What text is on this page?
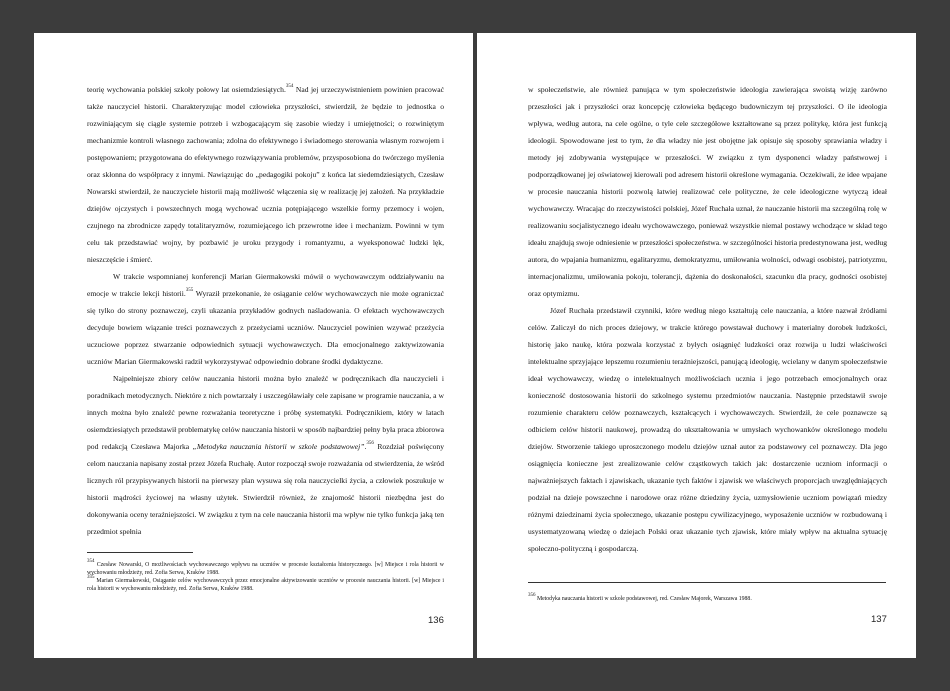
teorię wychowania polskiej szkoły połowy lat osiemdziesiątych.$^{354}$ Nad jej urzeczywistnieniem powinien pracować także nauczyciel historii. Charakteryzując model człowieka przyszłości, stwierdził, że będzie to jednostka o rozwiniającym się ciągle systemie potrzeb i wzbogacającym się zasobie wiedzy i umiejętności; o rozwiniętym mechanizmie kontroli własnego zachowania; zdolna do efektywnego i świadomego sterowania własnym rozwojem i postępowaniem; przygotowana do efektywnego rozwiązywania problemów, przysposobiona do twórczego myślenia oraz skłonna do współpracy z innymi. Nawiązując do „pedagogiki pokoju” z końca lat siedemdziesiątych, Czesław Nowarski stwierdził, że nauczyciele historii mają możliwość włączenia się w realizację jej założeń. Na przykładzie dziejów ojczystych i powszechnych mogą wychować ucznia potępiającego wszelkie formy przemocy i wojen, czujnego na zbrodnicze zapędy totalitaryzmów, rozumiejącego ich przewrotne idee i mechanizm. Powinni w tym celu tak przedstawiać wojny, by pozbawić je uroku przygody i romantyzmu, a wyeksponować ludzki lęk, nieszczęście i śmierć.

W trakcie wspomnianej konferencji Marian Giermakowski mówił o wychowawczym oddziaływaniu na emocje w trakcie lekcji historii.$^{355}$ Wyraził przekonanie, że osiąganie celów wychowawczych nie może ograniczać się tylko do strony poznawczej, czyli ukazania przykładów godnych naśladowania. O efektach wychowawczych decyduje bowiem wiązanie treści poznawczych z przeżyciami uczniów. Nauczyciel powinien wzywać przeżycia uczuciowe poprzez stwarzanie odpowiednich sytuacji wychowawczych. Dla emocjonalnego zaktywizowania uczniów Marian Giermakowski radził wykorzystywać odpowiednio dobrane środki dydaktyczne.

Najpełniejsze zbiory celów nauczania historii można było znaleźć w podręcznikach dla nauczycieli i poradnikach metodycznych. Niektóre z nich powtarzały i uszczegóławiały cele zapisane w programie nauczania, a w innych można było znaleźć pewne rozważania teoretyczne i próbę systematyki. Podręcznikiem, który w latach osiemdziesiątych przedstawił problematykę celów nauczania historii w sposób najbardziej pełny była praca zbiorowa pod redakcją Czesława Majorka „Metodyka nauczania historii w szkole podstawowej”.$^{356}$ Rozdział poświęcony celom nauczania napisany został przez Józefa Ruchałę. Autor rozpoczął swoje rozważania od stwierdzenia, że wśród licznych ról przypisywanych historii na pierwszy plan wysuwa się rola nauczycielki życia, a człowiek poszukuje w historii mądrości życiowej na własny użytek. Stwierdził również, że znajomość historii niezbędna jest do dokonywania oceny teraźniejszości. W związku z tym na cele nauczania historii ma wpływ nie tylko funkcja jaką ten przedmiot spełnia

$^{354}$ Czesław Nowarski, O możliwościach wychowawczego wpływu na uczniów w procesie kształcenia historycznego. [w] Miejsce i rola historii w wychowaniu młodzieży, red. Zofia Serwa, Kraków 1988.

$^{355}$ Marian Giermakowski, Osiąganie celów wychowawczych przez emocjonalne aktywizowanie uczniów w procesie nauczania historii. [w] Miejsce i rola historii w wychowaniu młodzieży, red. Zofia Serwa, Kraków 1988.

136

w społeczeństwie, ale również panująca w tym społeczeństwie ideologia zawierająca swoistą wizję zarówno przeszłości jak i przyszłości oraz koncepcję człowieka będącego budowniczym tej przyszłości. O ile ideologia wpływa, według autora, na cele ogólne, o tyle cele szczegółowe kształtowane są przez politykę, która jest funkcją ideologii. Spowodowane jest to tym, że dla władzy nie jest obojętne jak opisuje się sposoby sprawiania władzy i metody jej zdobywania występujące w przeszłości. W związku z tym dysponenci władzy państwowej i podporządkowanej jej oświatowej kierowali pod adresem historii określone wymagania. Oczekiwali, że idee wpajane w procesie nauczania historii pozwolą łatwiej realizować cele polityczne, że cele ideologiczne wytyczą ideał wychowawczy. Wracając do rzeczywistości polskiej, Józef Ruchała uznał, że nauczanie historii ma szczególną rolę w realizowaniu socjalistycznego ideału wychowawczego, ponieważ wszystkie niemal postawy wchodzące w skład tego ideału znajdują swoje odniesienie w przeszłości społeczeństwa. w szczególności historia predestynowana jest, według autora, do wpajania humanizmu, egalitaryzmu, demokratyzmu, umiłowania wolności, odwagi osobistej, patriotyzmu, internacjonalizmu, umiłowania pokoju, tolerancji, dążenia do doskonałości, szacunku dla pracy, godności osobistej oraz optymizmu.

Józef Ruchała przedstawił czynniki, które według niego kształtują cele nauczania, a które nazwał źródłami celów. Zaliczył do nich proces dziejowy, w trakcie którego powstawał duchowy i materialny dorobek ludzkości, historię jako naukę, która pozwala korzystać z byłych osiągnięć ludzkości oraz rozwija u ludzi właściwości intelektualne sprzyjające lepszemu rozumieniu teraźniejszości, panującą ideologię, wcielany w danym społeczeństwie ideał wychowawczy, wiedzę o intelektualnych możliwościach ucznia i jego potrzebach emocjonalnych oraz konieczność dostosowania historii do szkolnego systemu przedmiotów nauczania. Następnie przedstawił swoje rozumienie charakteru celów poznawczych, kształcących i wychowawczych. Stwierdził, że cele poznawcze są odbiciem celów historii naukowej, prowadzą do ukształtowania w umysłach wychowanków określonego modelu dziejów. Stworzenie takiego uproszczonego modelu dziejów uznał autor za podstawowy cel poznawczy. Dla jego osiągnięcia konieczne jest zrealizowanie celów cząstkowych takich jak: dostarczenie uczniom informacji o najważniejszych faktach i zjawiskach, ukazanie tych faktów i zjawisk we właściwych proporcjach uwzględniających podział na dzieje powszechne i narodowe oraz różne dziedziny życia, uzmysłowienie uczniom powiązań miedzy różnymi dziedzinami życia społecznego, ukazanie postępu cywilizacyjnego, wyposażenie uczniów w rozbudowaną i usystematyzowaną wiedzę o dziejach Polski oraz ukazanie tych zjawisk, które miały wpływ na aktualna sytuację społeczno-polityczną i gospodarczą.

$^{356}$ Metodyka nauczania historii w szkole podstawowej, red. Czesław Majorek, Warszawa 1988.

137
